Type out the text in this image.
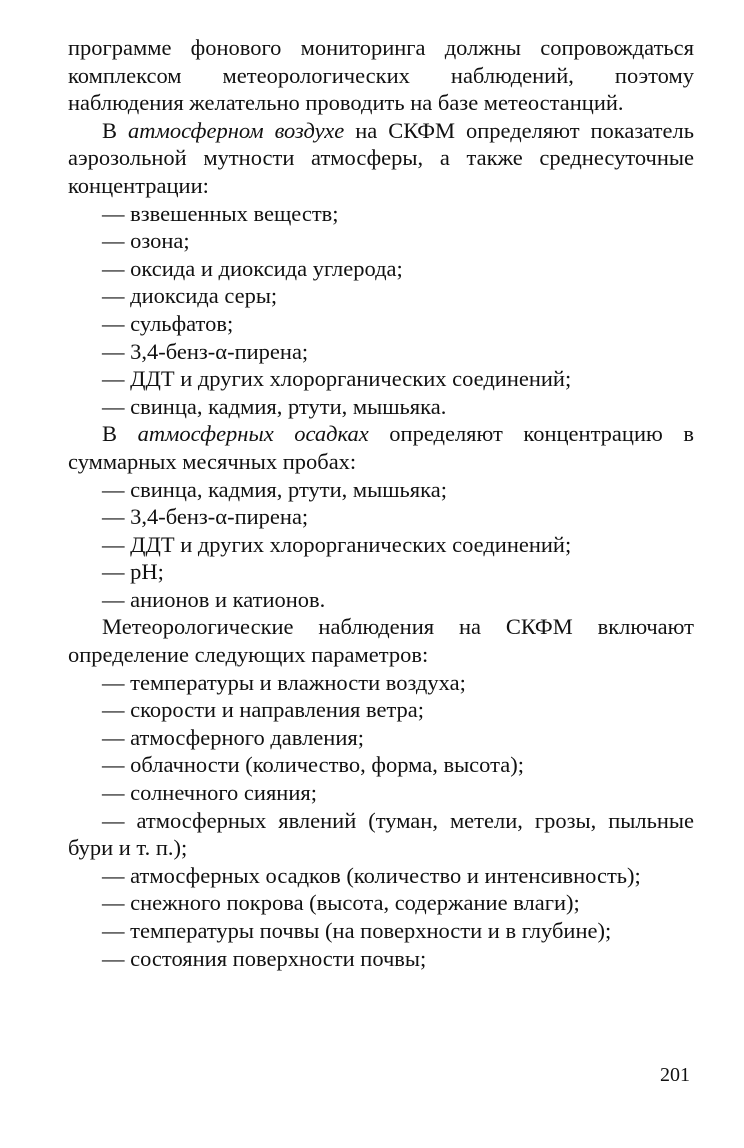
программе фонового мониторинга должны сопровождаться комплексом метеорологических наблюдений, поэтому наблюдения желательно проводить на базе метеостанций.

В атмосферном воздухе на СКФМ определяют показатель аэрозольной мутности атмосферы, а также среднесуточные концентрации:

— взвешенных веществ;

— озона;

— оксида и диоксида углерода;

— диоксида серы;

— сульфатов;

— 3,4-бенз-α-пирена;

— ДДТ и других хлорорганических соединений;

— свинца, кадмия, ртути, мышьяка.

В атмосферных осадках определяют концентрацию в суммарных месячных пробах:

— свинца, кадмия, ртути, мышьяка;

— 3,4-бенз-α-пирена;

— ДДТ и других хлорорганических соединений;

— pH;

— анионов и катионов.

Метеорологические наблюдения на СКФМ включают определение следующих параметров:

— температуры и влажности воздуха;

— скорости и направления ветра;

— атмосферного давления;

— облачности (количество, форма, высота);

— солнечного сияния;

— атмосферных явлений (туман, метели, грозы, пыльные бури и т. п.);

— атмосферных осадков (количество и интенсивность);

— снежного покрова (высота, содержание влаги);

— температуры почвы (на поверхности и в глубине);

— состояния поверхности почвы;

201
